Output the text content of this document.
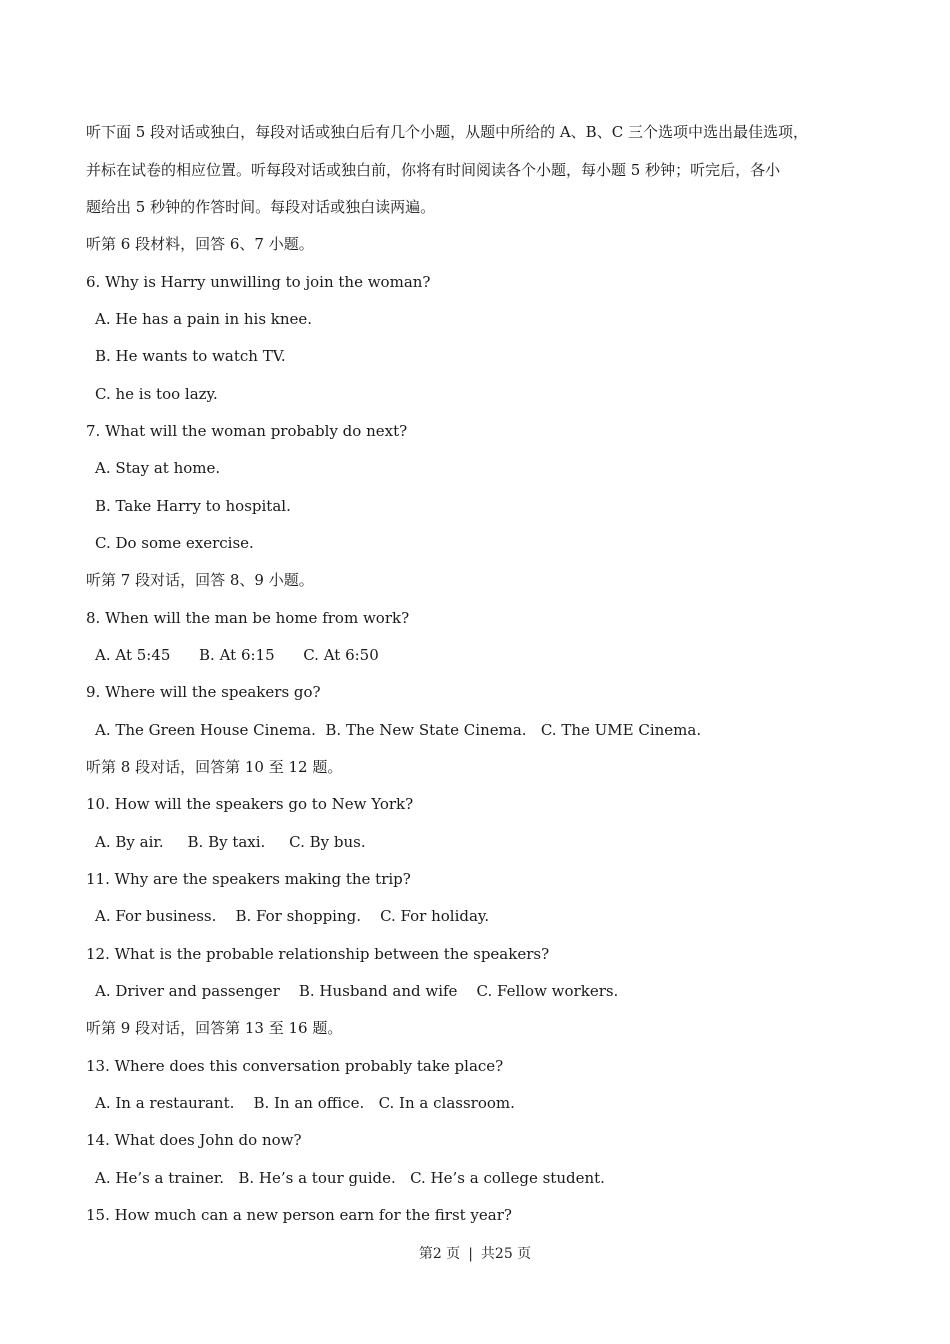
听下面 5 段对话或独白，每段对话或独白后有几个小题，从题中所给的 A、B、C 三个选项中选出最佳选项，
并标在试卷的相应位置。听每段对话或独白前，你将有时间阅读各个小题，每小题 5 秒钟；听完后，各小
题给出 5 秒钟的作答时间。每段对话或独白读两遍。
听第 6 段材料，回答 6、7 小题。
6. Why is Harry unwilling to join the woman?
A. He has a pain in his knee.
B. He wants to watch TV.
C. he is too lazy.
7. What will the woman probably do next?
A. Stay at home.
B. Take Harry to hospital.
C. Do some exercise.
听第 7 段对话，回答 8、9 小题。
8. When will the man be home from work?
A. At 5:45      B. At 6:15      C. At 6:50
9. Where will the speakers go?
A. The Green House Cinema.  B. The New State Cinema.   C. The UME Cinema.
听第 8 段对话，回答第 10 至 12 题。
10. How will the speakers go to New York?
A. By air.     B. By taxi.     C. By bus.
11. Why are the speakers making the trip?
A. For business.    B. For shopping.    C. For holiday.
12. What is the probable relationship between the speakers?
A. Driver and passenger    B. Husband and wife    C. Fellow workers.
听第 9 段对话，回答第 13 至 16 题。
13. Where does this conversation probably take place?
A. In a restaurant.    B. In an office.   C. In a classroom.
14. What does John do now?
A. He’s a trainer.   B. He’s a tour guide.   C. He’s a college student.
15. How much can a new person earn for the first year?
第2 页 | 共25 页
